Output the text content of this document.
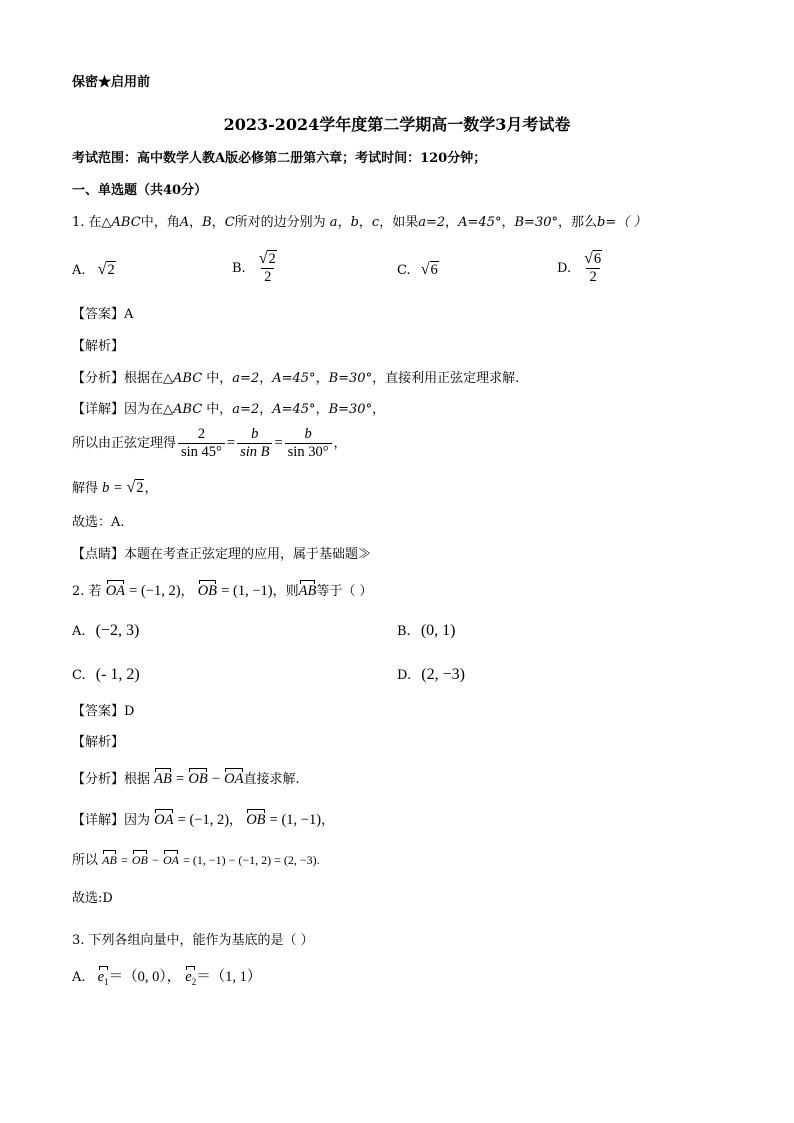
保密★启用前
2023-2024学年度第二学期高一数学3月考试卷
考试范围：高中数学人教A版必修第二册第六章；考试时间：120分钟；
一、单选题（共40分）
1. 在△ABC中，角A，B，C所对的边分别为 a，b，c，如果a=2，A=45°，B=30°，那么b=（ ）
A. √2	B. $\frac{√2}{2}$	C. √6	D. $\frac{√6}{2}$
【答案】A
【解析】
【分析】根据在△ABC 中，a=2，A=45°，B=30°，直接利用正弦定理求解.
【详解】因为在△ABC 中，a=2，A=45°，B=30°，
所以由正弦定理得 $\frac{2}{\sin 45^\circ} = \frac{b}{\text{sin B}} = \frac{b}{\sin 30^\circ}$ ，
解得 b = √2，
故选：A.
【点睛】本题在考查正弦定理的应用，属于基础题≫
2. 若 OA = (−1, 2)， OB = (1, −1)，则AB等于（ ）
A. (−2, 3)	B. (0, 1)
C. (- 1, 2)	D. (2, −3)
【答案】D
【解析】
【分析】根据 AB = OB − OA直接求解.
【详解】因为 OA = (−1, 2)， OB = (1, −1)，
所以 AB = OB − OA = (1, −1) − (−1, 2) = (2, −3).
故选:D
3. 下列各组向量中，能作为基底的是（ ）
A. $e_1=(0$, 0）， $e_2=(1$, 1）
